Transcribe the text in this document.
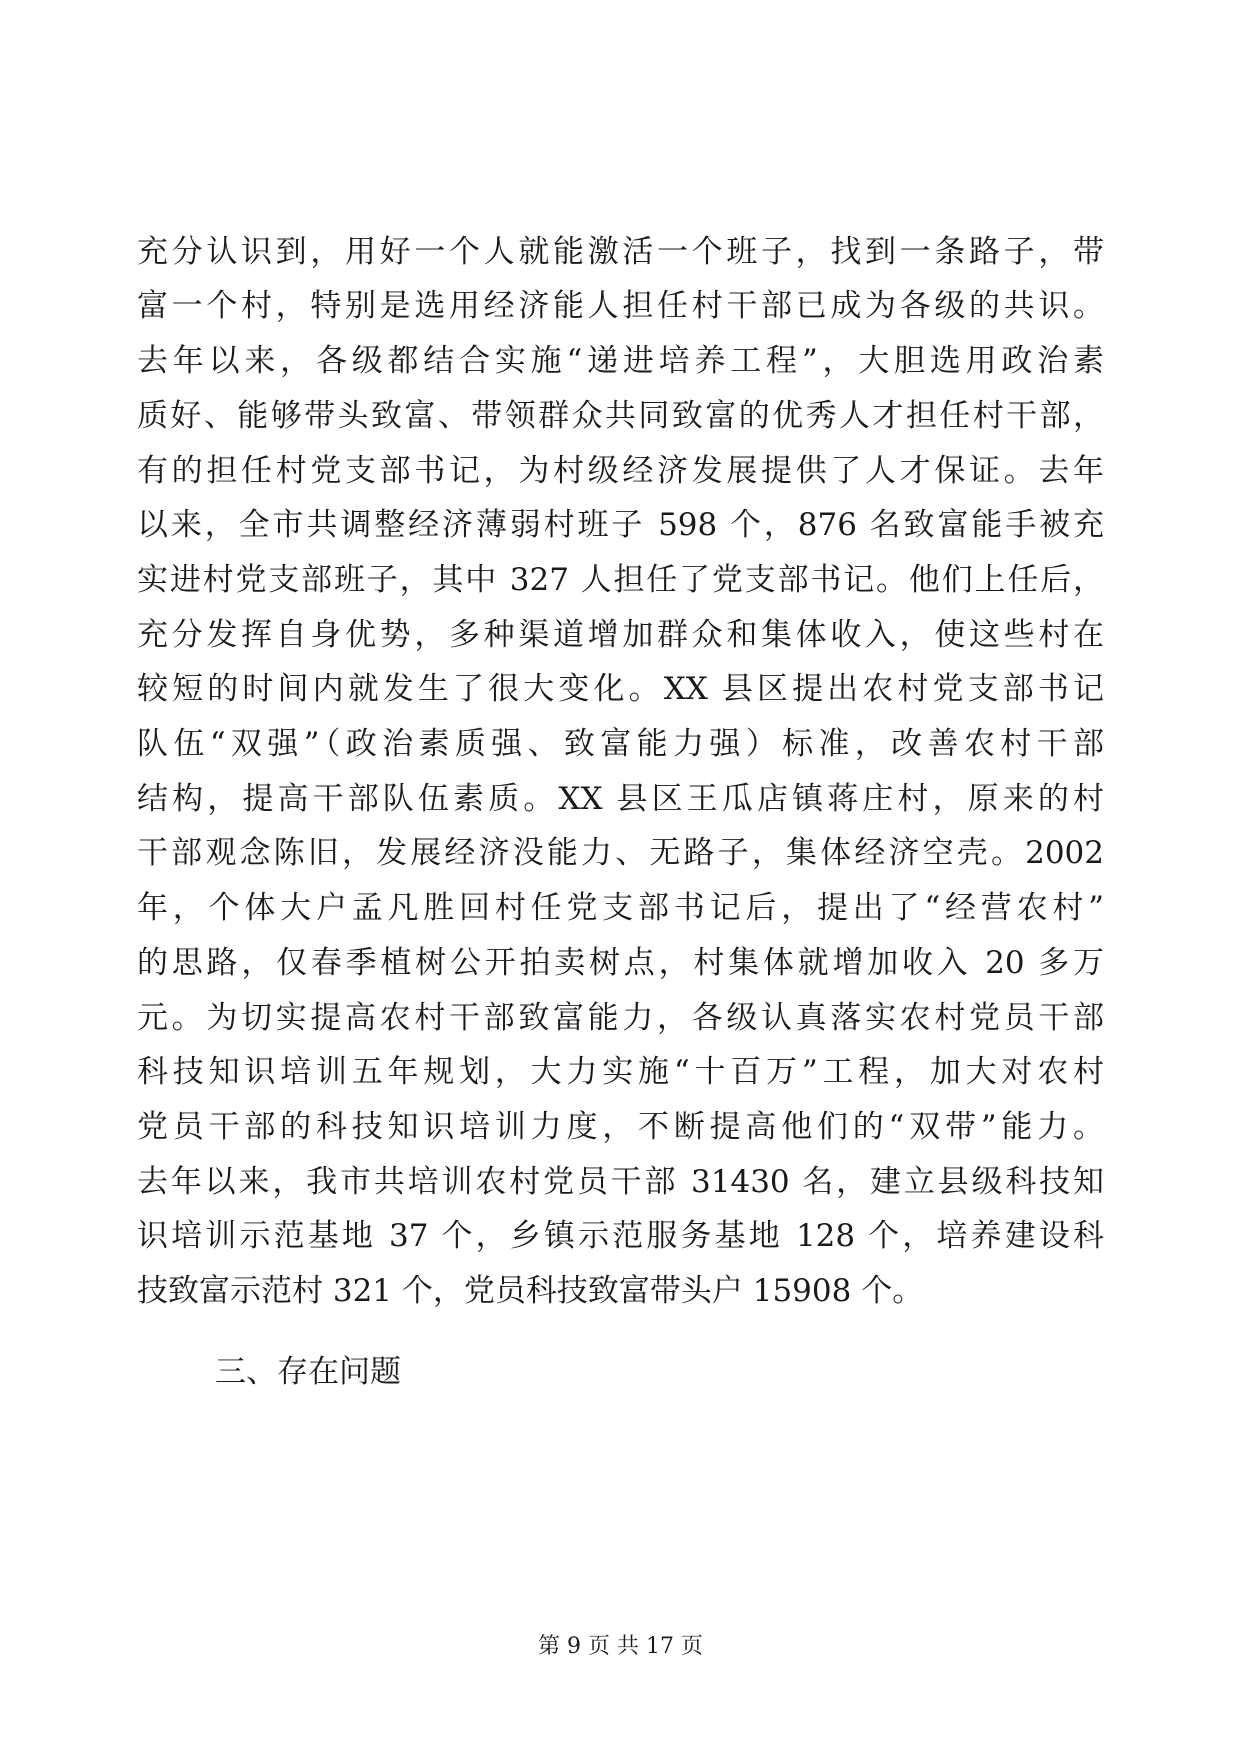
充分认识到，用好一个人就能激活一个班子，找到一条路子，带
富一个村，特别是选用经济能人担任村干部已成为各级的共识。
去年以来，各级都结合实施“递进培养工程”，大胆选用政治素
质好、能够带头致富、带领群众共同致富的优秀人才担任村干部，
有的担任村党支部书记，为村级经济发展提供了人才保证。去年
以来，全市共调整经济薄弱村班子 598 个，876 名致富能手被充
实进村党支部班子，其中 327 人担任了党支部书记。他们上任后，
充分发挥自身优势，多种渠道增加群众和集体收入，使这些村在
较短的时间内就发生了很大变化。XX 县区提出农村党支部书记
队伍“双强”（政治素质强、致富能力强）标准，改善农村干部
结构，提高干部队伍素质。XX 县区王瓜店镇蒋庄村，原来的村
干部观念陈旧，发展经济没能力、无路子，集体经济空壳。2002
年，个体大户孟凡胜回村任党支部书记后，提出了“经营农村”
的思路，仅春季植树公开拍卖树点，村集体就增加收入 20 多万
元。为切实提高农村干部致富能力，各级认真落实农村党员干部
科技知识培训五年规划，大力实施“十百万”工程，加大对农村
党员干部的科技知识培训力度，不断提高他们的“双带”能力。
去年以来，我市共培训农村党员干部 31430 名，建立县级科技知
识培训示范基地 37 个，乡镇示范服务基地 128 个，培养建设科
技致富示范村 321 个，党员科技致富带头户 15908 个。
三、存在问题
第 9 页 共 17 页
